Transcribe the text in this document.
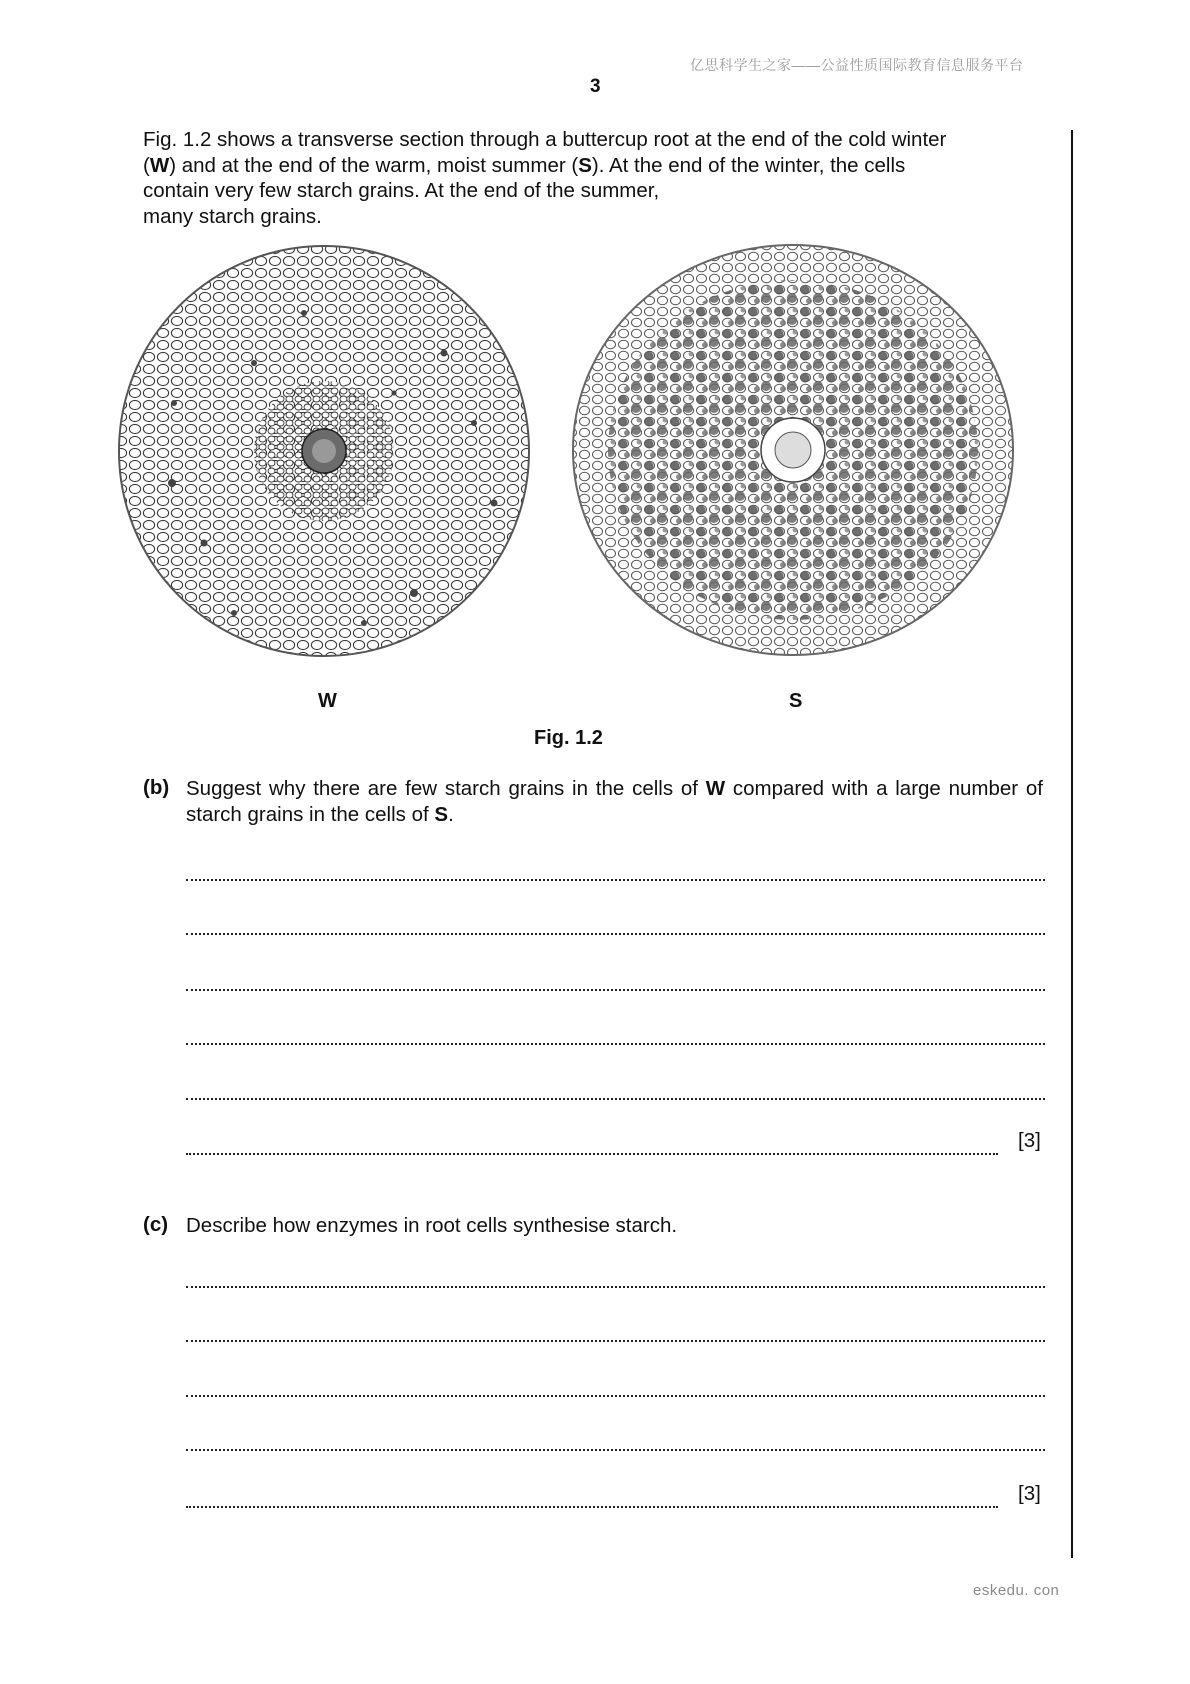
亿思科学生之家——公益性质国际教育信息服务平台
3

Fig. 1.2 shows a transverse section through a buttercup root at the end of the cold winter

(W) and at the end of the warm, moist summer (S). At the end of the winter, the cells

contain very few starch grains. At the end of the summer,

many starch grains.

W	S
Fig. 1.2
(b) Suggest why there are few starch grains in the cells of W compared with a large number of starch grains in the cells of S.
[3]
(c) Describe how enzymes in root cells synthesise starch.
[3]
eskedu. con
